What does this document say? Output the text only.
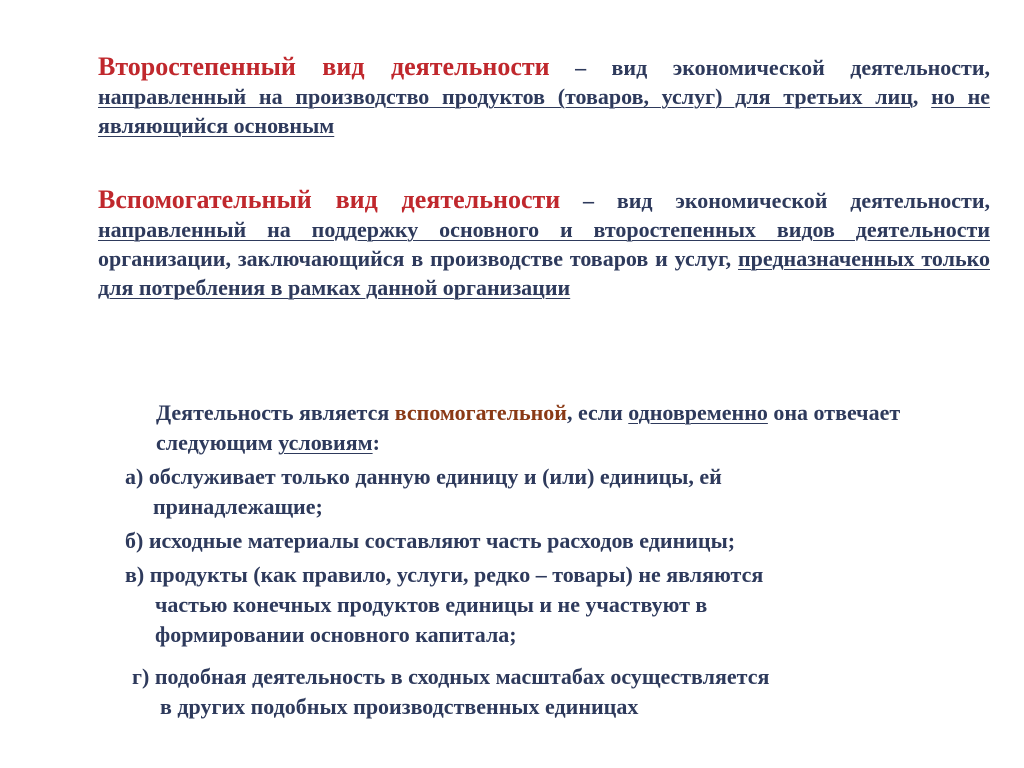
Второстепенный вид деятельности – вид экономической деятельности, направленный на производство продуктов (товаров, услуг) для третьих лиц, но не являющийся основным

Вспомогательный вид деятельности – вид экономической деятельности, направленный на поддержку основного и второстепенных видов деятельности организации, заключающийся в производстве товаров и услуг, предназначенных только для потребления в рамках данной организации

Деятельность является вспомогательной, если одновременно она отвечает следующим условиям:

а) обслуживает только данную единицу и (или) единицы, ей
принадлежащие;

б) исходные материалы составляют часть расходов единицы;

в) продукты (как правило, услуги, редко – товары) не являются
частью конечных продуктов единицы и не участвуют в
формировании основного капитала;

г) подобная деятельность в сходных масштабах осуществляется
в других подобных производственных единицах
